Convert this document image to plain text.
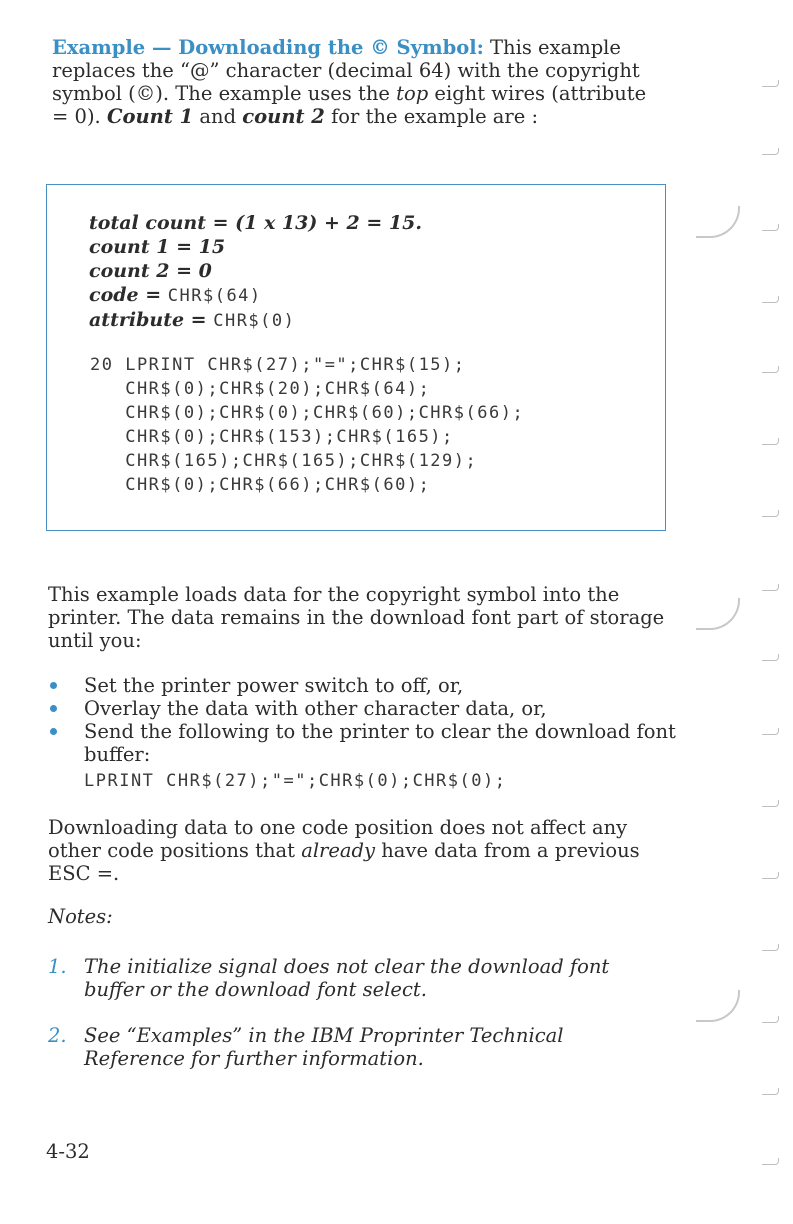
Example — Downloading the © Symbol: This example replaces the “@” character (decimal 64) with the copyright symbol (©). The example uses the top eight wires (attribute = 0). Count 1 and count 2 for the example are :

total count = (1 x 13) + 2 = 15.
count 1 = 15
count 2 = 0
code = CHR$(64)
attribute = CHR$(0)
20 LPRINT CHR$(27);"=";CHR$(15);
CHR$(0);CHR$(20);CHR$(64);
CHR$(0);CHR$(0);CHR$(60);CHR$(66);
CHR$(0);CHR$(153);CHR$(165);
CHR$(165);CHR$(165);CHR$(129);
CHR$(0);CHR$(66);CHR$(60);

This example loads data for the copyright symbol into the printer. The data remains in the download font part of storage until you:

Set the printer power switch to off, or,
Overlay the data with other character data, or,
Send the following to the printer to clear the download font buffer:
LPRINT CHR$(27);"=";CHR$(0);CHR$(0);

Downloading data to one code position does not affect any other code positions that already have data from a previous ESC =.

Notes:

1. The initialize signal does not clear the download font buffer or the download font select.
2. See “Examples” in the IBM Proprinter Technical Reference for further information.

4-32
